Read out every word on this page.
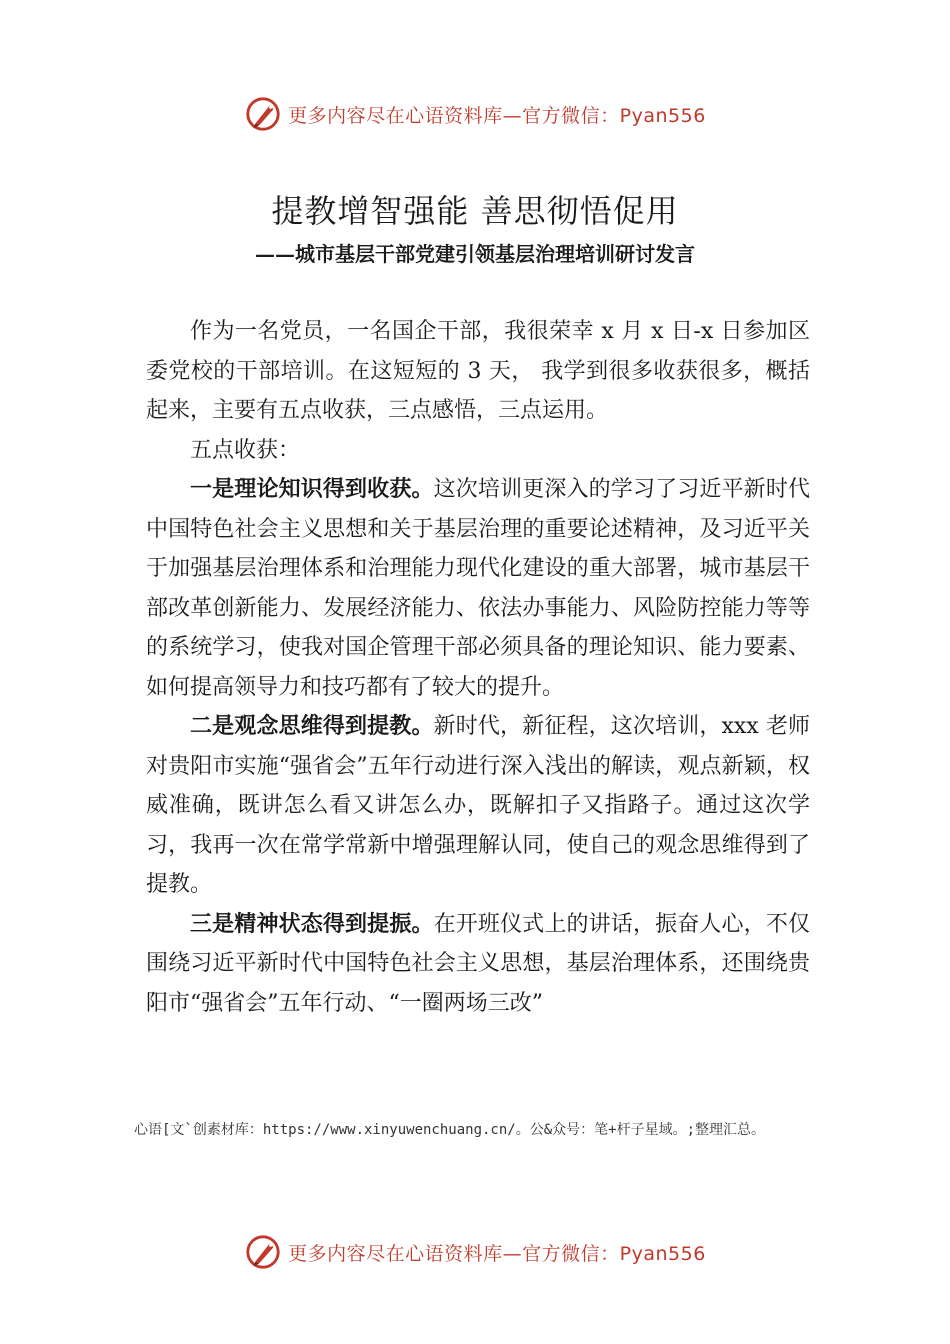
更多内容尽在心语资料库—官方微信：Pyan556
提教增智强能 善思彻悟促用
——城市基层干部党建引领基层治理培训研讨发言

作为一名党员，一名国企干部，我很荣幸 x 月 x 日-x 日参加区委党校的干部培训。在这短短的 3 天， 我学到很多收获很多，概括起来，主要有五点收获，三点感悟，三点运用。

五点收获：

一是理论知识得到收获。这次培训更深入的学习了习近平新时代中国特色社会主义思想和关于基层治理的重要论述精神，及习近平关于加强基层治理体系和治理能力现代化建设的重大部署，城市基层干部改革创新能力、发展经济能力、依法办事能力、风险防控能力等等的系统学习，使我对国企管理干部必须具备的理论知识、能力要素、如何提高领导力和技巧都有了较大的提升。

二是观念思维得到提教。新时代，新征程，这次培训，xxx 老师对贵阳市实施“强省会”五年行动进行深入浅出的解读，观点新颖，权威准确，既讲怎么看又讲怎么办，既解扣子又指路子。通过这次学习，我再一次在常学常新中增强理解认同，使自己的观念思维得到了提教。

三是精神状态得到提振。在开班仪式上的讲话，振奋人心，不仅围绕习近平新时代中国特色社会主义思想，基层治理体系，还围绕贵阳市“强省会”五年行动、“一圈两场三改”

心语[文`创素材库：https://www.xinyuwenchuang.cn/。公&众号：笔+杆子星域。;整理汇总。
更多内容尽在心语资料库—官方微信：Pyan556
